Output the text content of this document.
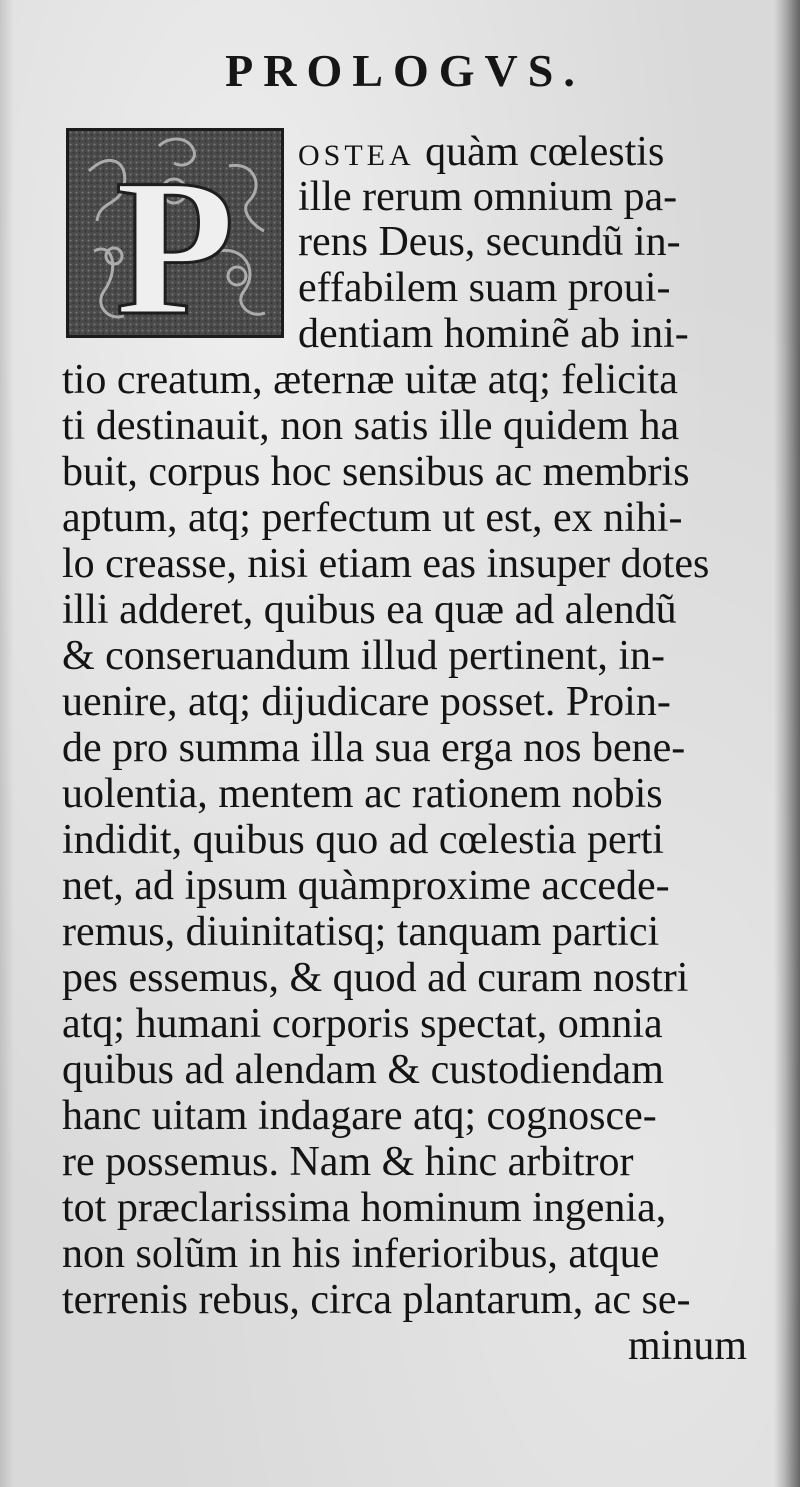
PROLOGVS.
P OSTEA quàm cœlestis
ille rerum omnium pa-
rens Deus, secundũ in-
effabilem suam proui-
dentiam hominẽ ab ini-
tio creatum, æternæ uitæ atq; felicita
ti destinauit, non satis ille quidem ha
buit, corpus hoc sensibus ac membris
aptum, atq; perfectum ut est, ex nihi-
lo creasse, nisi etiam eas insuper dotes
illi adderet, quibus ea quæ ad alendũ
& conseruandum illud pertinent, in-
uenire, atq; dijudicare posset. Proin-
de pro summa illa sua erga nos bene-
uolentia, mentem ac rationem nobis
indidit, quibus quo ad cœlestia perti
net, ad ipsum quàmproxime accede-
remus, diuinitatisq; tanquam partici
pes essemus, & quod ad curam nostri
atq; humani corporis spectat, omnia
quibus ad alendam & custodiendam
hanc uitam indagare atq; cognosce-
re possemus. Nam & hinc arbitror
tot præclarissima hominum ingenia,
non solũm in his inferioribus, atque
terrenis rebus, circa plantarum, ac se-
minum
